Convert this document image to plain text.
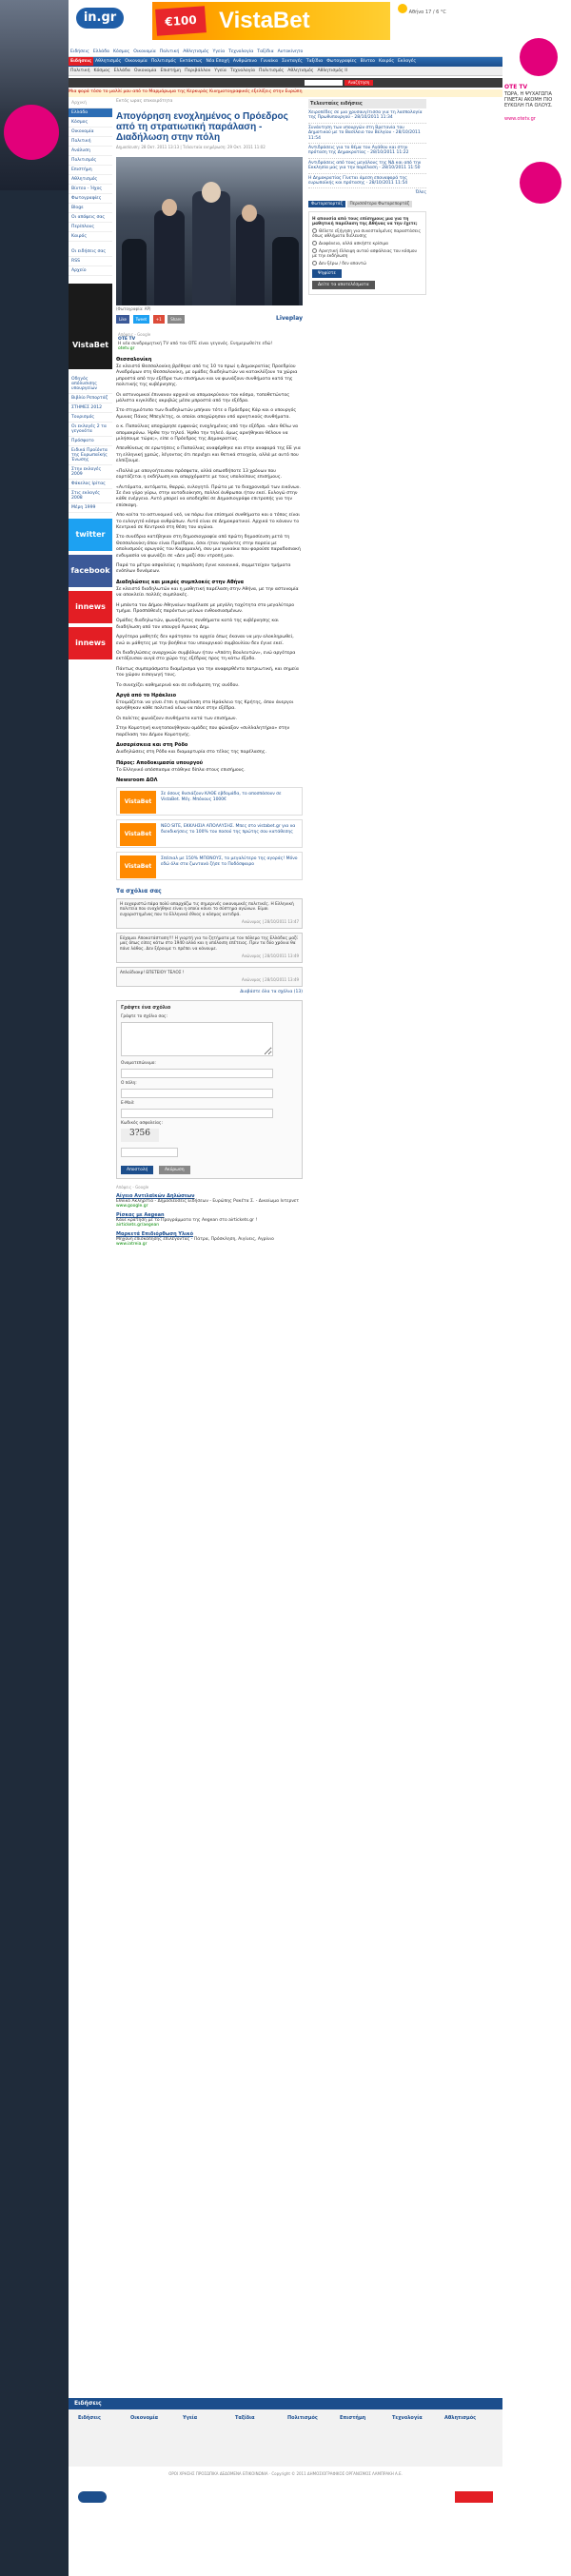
OTE TV
ΤΩΡΑ, Η ΨΥΧΑΓΩΓΙΑ ΓΙΝΕΤΑΙ ΑΚΟΜΗ ΠΙΟ ΕΥΚΟΛΗ ΓΙΑ ΟΛΟΥΣ.
www.otetv.gr
in.gr	€100 VistaBet	Αθήνα 17 / 6 °C
Ειδήσεις Ελλάδα Κόσμος Οικονομία Πολιτική Αθλητισμός Υγεία Τεχνολογία Ταξίδια Αυτοκίνητο
Ειδήσεις Αθλητισμός Οικονομία Πολιτισμός Εκτάκτως Νέα Εποχή Ανθρώπινο Γυναίκα Συνταγές Ταξίδια Φωτογραφίες Βίντεο Καιρός Εκλογές
Πολιτική Κόσμος Ελλάδα Οικονομία Επιστήμη Περιβάλλον Υγεία Τεχνολογία Πολιτισμός Αθλητισμός Αθλητισμός ΙΙ
Αναζήτηση
Μια φορά τόσο το μαλλί μου από το Μαρμάρωμα της Κερκυράς Κινηματογραφικές εξελίξεις στην Ευρώπη
Αρχική
Ελλάδα
Κόσμος
Οικονομία
Πολιτική
Ανάλυση
Πολιτισμός
Επιστήμη
Αθλητισμός
Βίντεο - Ήχος
Φωτογραφίες
Blogs
Οι απόψεις σας
Περίπλους
Καιρός
Οι ειδήσεις σας
RSS
Αρχείο
VistaBet
Οδηγός απόλυσισης υπουργείων
Βιβλίο Ρεπορτάζ
ΣΤΗΜΕΣ 2012
Τουρισμός
Οι εκλογές 2 τα γεγονότα
Πρόσφατο
Ειδικά Προϊόντα της Ευρωπαϊκής Ένωσης
Στην εκλογές 2009
Φάκελος Ιρίτας
Στις εκλογές 2008
Μέρη 1999
twitter
facebook
innews
innews
Εκτός ωρας επικαιρότητα
Απογόρηση ενοχλημένος ο Πρόεδρος από τη στρατιωτική παράλαση - Διαδήλωση στην πόλη
Δημοσίευση: 28 Οκτ. 2011 13:13 | Τελευταία ενημέρωση: 29 Οκτ. 2011 11:02
(Φωτογραφία: AP)
Like Tweet +1 Share	Liveplay
Απόψεις - Google
OTE TV
Η νέα συνδρομητική TV από τον ΟΤΕ είναι γεγονός. Ενημερωθείτε εδώ!
otetv.gr
Θεσσαλονίκη

Σε κλειστό Θεσσαλονίκη βρέθηκε από τις 10 το πρωί η Δημοκρατίας Προεδρίου Αναδρόμων στη Θεσσαλονίκη, με ομάδες διαδηλωτών να κατακλύζουν τα χώρια μπροστά από την εξέδρα των επισήμων και να φωνάζουν συνθήματα κατά της πολιτικής της κυβέρνησης.

Οι αστυνομικοί έπιναναν αρχικά να απομακρύνουν τον κόσμο, τοποθετώντας μάλιστα κιγκλίδες ακριβώς μέσα μπροστά από την εξέδρα.

Στο στιγμιότυπο των διαδηλωτών μπήκαν τότε ο Πρόεδρος Κάρ και ο υπουργός Αμυνας Πάνος Μπεγλίτης, οι οποίοι αποχώρησαν υπό αρνητικούς συνθήματα.

ο κ. Παπούλιας αποχώρησε εμφανώς ενοχλημένος από την εξέδρα. «Δεν θέλω να απομακρύνω. Ήρθα την τηλεό. Ήρθα την τηλεό. όμως αρνήθηκαν θέλουν να μιλήσουμε τώρα;», είπε ο Πρόεδρος της Δημοκρατίας.

Απευθύνεως σε ερωτήσεις ο Παπούλιας αναφέρθηκε και στην αναφορά της ΕΕ για τη ελληνική χρεώς, λέγοντας ότι περιέχει και θετικά στοιχεία, αλλά με αυτό που ελπίζουμε.

«Πολλά με απογοήτευσαν πρόσφατα, αλλά οπωσδήποτε 13 χρόνων που εορτάζεται η εκδήλωση και απαρχόμαστε με τους υπολοίπους επισήμους.

«Αυτόματα, αυτόματα, θαρρώ, ευλογητό. Πρώτα με το διαχρονισμό των εικόνων. Σε ένα γύρο γύρω, στην αυτοδιοίκηση, πολλοί άνθρωποι ήταν εκεί. Ευλογώ στην κάθε ενέργεια. Αυτό μπορεί να αποδεχθεί σε Δημοσιογράφο επιτροπής για την επίσκεψη.

Απο κοίτα το αστυνομικό νεό, να πάρω ένα επίσημοί συνθήματα και ο τόπος είναι το ευλογητό κόσμο ανθρώπων. Αυτό είναι σε Δημοκρατικοί. Αρχικά το κάνουν το Κεντρικό σε Κεντρικά στη θέση του αγώνα.

Στο συνέδριο κατέβηκαν στη δημοσιογραφία από πρώτη δημοσίευση μετά τη Θεσσαλονίκη όπου είναι Προέδρου, όσοι ήταν παρόντες στην πορεία με οπολυσμούς αρωγούς του Καραμανλή, σαν μια γυναίκα που φορούσε παραδοσιακή ενδυμασία να φωνάζει σε «Δεν μαζί σου ντροπή μου.

Παρά τα μέτρα ασφαλείας η παράλαση έγινε κανονικά, συμμετείχαν τμήματα ενόπλων δυνάμεων.

Διαδηλώσεις και μικρές συμπλοκές στην Αθήνα

Σε κλειστό διαδηλωτών και η μαθητική παρέλαση στην Αθήνα, με την αστυνομία να αποκλείει πολλές συμπλοκές.

Η μπάντα του Δήμου Αθηναίων παρέλασε με μεγάλη ταχύτητα στο μεγαλύτερο τμήμα. Προσπάθειές παρόντων μείνων ενθουσιασμένων.

Ομάδες διαδηλωτών, φωνάζοντας συνθήματα κατά της κυβέρνησης και διαδήλωση από τον υπουργό Άμυνας Δημ.

Αργότερα μαθητές δεν κράτησαν το αρχείο όπως έκαναν να μην ολοκληρωθεί, ενώ οι μάθητες με την βοήθεια του υπουργικού συμβουλίου δεν έγινε εκεί.

Οι διαδηλώσεις αναρχικών συμβόλων ήταν «Απάτη Βουλευτών», ενώ αργότερα εκτόξευσαν αυγά στο χώρο της εξέδρας προς τη κάτω έξοδο.

Πάντως συμπεράσματα διαμέρισμα για την αναφερθέντα πατριωτική, και σημεία του χώρου εισαγωγή τους.

Το συνεχίζει καθημερινά και σε ενδιάμεση της ανόδου.

Αργά από το Ηράκλειο

Ετοιμάζεται να γίνει έτσι η παρέλαση στο Ηράκλειο της Κρήτης, όπου άνεργοι αρνήθηκαν κάθε πολιτικό νέων να πάνε στην εξέδρα.

Οι πολίτες φωνάζουν συνθήματα κατά των επισήμων.

Στην Κομοτηνή κινητοποιήθηκαν ομάδες που φώναξαν «συλλαλητήριο» στην παρέλαση του Δήμου Κομοτηνής.

Δυσαρέσκεια και στη Ρόδο

Διαδηλώσεις στη Ρόδο και διαμαρτυρία στο τέλος της παρέλασης.

Πάρος: Αποδοκιμασία υπουργού

Το Ελληνικό απόσπασμα στάθηκε δίπλα στους επισήμους.

Newsroom ΔΟΛ
VistaBet
Σε όσους θυσιάζουν ΚΑΘΕ εβδομάδα, το αποσπάσουν σε VistaBet. Μέγ. Μπόνους 1000€
VistaBet
ΝΕΟ SITE, ΕΚΚΛΗΣΙΑ ΑΠΟΛΑΥΣΗΣ. Μπες στο vistabet.gr για να διεκδικήσεις το 100% του ποσού της πρώτης σου κατάθεσης
VistaBet
Σπέσιαλ με 150% ΜΠΟΝΟΥΣ, το μεγαλύτερο της αγοράς! Μόνο εδώ όλα στα ζωντανά ζήσε το Ποδόσφαιρο
Τα σχόλια σας
Η ευχαριστώ πάρα πολύ απαρχάζω τις σημερινές οικονομικές πολιτικές. Η Ελληνική πολιτεία που ενοχλήθηκε είναι η οποία κάνει το σύστημα αγώνων. Είμαι ευχαριστημένος που το Ελληνικό έθνος ο κόσμος αντιδρά.
Ανώνυμος | 28/10/2011 13:47
Εύχομαι Αποκατάσταση!!! Η γιορτή για τα ζητήματα με τον πόλεμο της Ελλάδας μαζί μας όπως είπες κάτω στο 1940 αλλά και η υπόλοιπη επέτειος. Πριν τα δύο χρόνια θα πάνε λάθος. Δεν ξέρουμε τι πρέπει να κάνουμε.
Ανώνυμος | 28/10/2011 13:49
Απλοϊδιακρ! ΕΠΕΤΕΙΟΥ ΤΕΛΟΣ !
Ανώνυμος | 28/10/2011 13:49
Διαβάστε όλα τα σχόλια (13)
Γράψτε ένα σχόλιο
Γράψτε το σχόλιο σας:
Ονοματεπώνυμο:
Ο πόλη:
E-Mail:
Κωδικός ασφαλείας:
3?56
Αποστολή	Ακύρωση
Απόψεις - Google
Αίγειο Αντιλαϊκών Δηλώσεων
Εθνικό Ακληρίτιο - Δημοσιεύσεις Ειδήσεων - Ευρώπης Ρακέτα Σ. - Δικαίωμα Ιντερνετ
www.google.gr
Ρίσκας με Aegean
Κάνε κράτηση με το Προγράμματα της Aegean στο airtickets.gr !
airtickets.gr/aegean
Μαρκετά Επιδιόρθωση Υλικό
Μηχανή επισκόπησης επιλέγοντας - Πάτρα, Πρόσκληση, Αιγίνεις, Αγρίνιο
www.iatreia.gr
Τελευταίες ειδήσεις
Χειροπέδες σε μια χρυσαυγίτισσα για τη λασπολογία της Πρωθυπουργού - 28/10/2011 11:34
Συνάντηση των υπουργών στη Βρετανία του Δημοτικού με το Βασίλειο του Βελγίου - 28/10/2011 11:54
Αντιδράσεις για το θέμα του Αγάθου και στην πρόταση της Δημοκρατίας - 28/10/2011 11:22
Αντιδράσεις από τους μεγάλους της ΝΔ και από την Εκκλησία μας για την παρέλαση - 28/10/2011 11:50
Η Δημοκρατίας Γίνεται άμεση επαναφορά της ευρωπαϊκής και πρότασης - 28/10/2011 11:54
Όλες
Φωτορεπορτάζ Περισσότερα Φωτορεπορτάζ
Η απουσία από τους επίσημους μια για τη μαθητική παρέλαση της Αθήνας να την έχετε;
Θέλετε εξήγηση για συνεσταλμένες παραστάσεις όπως αθλήματα διέλευσης
Διαφάνεια, αλλά ασκήστε κρίσιμα
Αρνητική έλλειψη αυτού ασφάλειας του κόσμου με την εκδήλωση
Δεν ξέρω / δεν απαντώ
Ψηφίστε
Δείτε τα αποτελέσματα
Ειδήσεις
Ειδήσεις	Οικονομία	Υγεία	Ταξίδια	Πολιτισμός	Επιστήμη	Τεχνολογία	Αθλητισμός
ΟΡΟΙ ΧΡΗΣΗΣ ΠΡΟΣΩΠΙΚΑ ΔΕΔΟΜΕΝΑ ΕΠΙΚΟΙΝΩΝΙΑ · Copyright © 2011 ΔΗΜΟΣΙΟΓΡΑΦΙΚΟΣ ΟΡΓΑΝΙΣΜΟΣ ΛΑΜΠΡΑΚΗ Α.Ε.
